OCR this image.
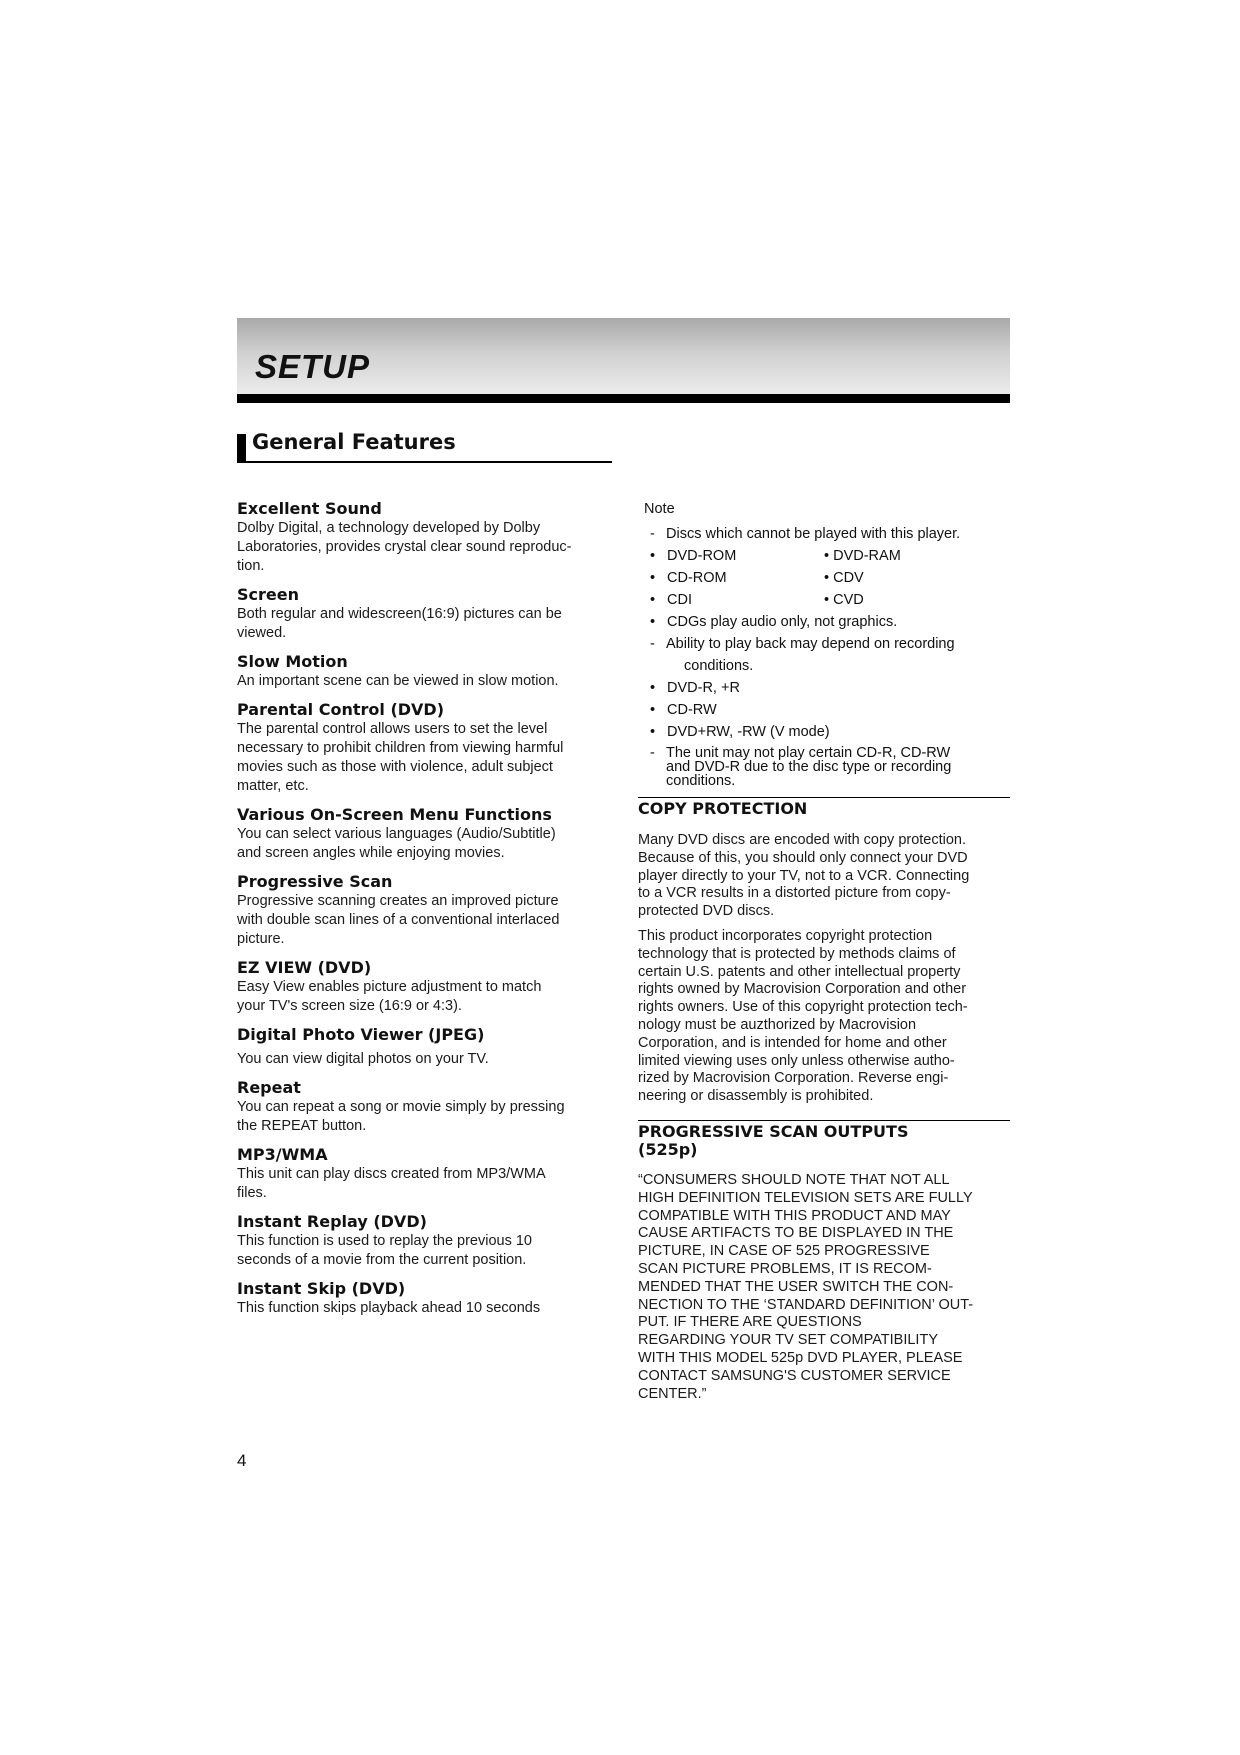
SETUP
General Features
Excellent Sound

Dolby Digital, a technology developed by Dolby
Laboratories, provides crystal clear sound reproduc-
tion.

Screen

Both regular and widescreen(16:9) pictures can be
viewed.

Slow Motion

An important scene can be viewed in slow motion.

Parental Control (DVD)

The parental control allows users to set the level
necessary to prohibit children from viewing harmful
movies such as those with violence, adult subject
matter, etc.

Various On-Screen Menu Functions

You can select various languages (Audio/Subtitle)
and screen angles while enjoying movies.

Progressive Scan

Progressive scanning creates an improved picture
with double scan lines of a conventional interlaced
picture.

EZ VIEW (DVD)

Easy View enables picture adjustment to match
your TV's screen size (16:9 or 4:3).

Digital Photo Viewer (JPEG)

You can view digital photos on your TV.

Repeat

You can repeat a song or movie simply by pressing
the REPEAT button.

MP3/WMA

This unit can play discs created from MP3/WMA
files.

Instant Replay (DVD)

This function is used to replay the previous 10
seconds of a movie from the current position.

Instant Skip (DVD)

This function skips playback ahead 10 seconds

Note

- Discs which cannot be played with this player.
• DVD-ROM	• DVD-RAM
• CD-ROM	• CDV
• CDI	• CVD
• CDGs play audio only, not graphics.
- Ability to play back may depend on recording
conditions.
• DVD-R, +R
• CD-RW
• DVD+RW, -RW (V mode)
- The unit may not play certain CD-R, CD-RW
and DVD-R due to the disc type or recording
conditions.
COPY PROTECTION

Many DVD discs are encoded with copy protection.
Because of this, you should only connect your DVD
player directly to your TV, not to a VCR. Connecting
to a VCR results in a distorted picture from copy-
protected DVD discs.

This product incorporates copyright protection
technology that is protected by methods claims of
certain U.S. patents and other intellectual property
rights owned by Macrovision Corporation and other
rights owners. Use of this copyright protection tech-
nology must be auzthorized by Macrovision
Corporation, and is intended for home and other
limited viewing uses only unless otherwise autho-
rized by Macrovision Corporation. Reverse engi-
neering or disassembly is prohibited.

PROGRESSIVE SCAN OUTPUTS
(525p)

“CONSUMERS SHOULD NOTE THAT NOT ALL
HIGH DEFINITION TELEVISION SETS ARE FULLY
COMPATIBLE WITH THIS PRODUCT AND MAY
CAUSE ARTIFACTS TO BE DISPLAYED IN THE
PICTURE, IN CASE OF 525 PROGRESSIVE
SCAN PICTURE PROBLEMS, IT IS RECOM-
MENDED THAT THE USER SWITCH THE CON-
NECTION TO THE ‘STANDARD DEFINITION’ OUT-
PUT. IF THERE ARE QUESTIONS
REGARDING YOUR TV SET COMPATIBILITY
WITH THIS MODEL 525p DVD PLAYER, PLEASE
CONTACT SAMSUNG'S CUSTOMER SERVICE
CENTER.”

4
